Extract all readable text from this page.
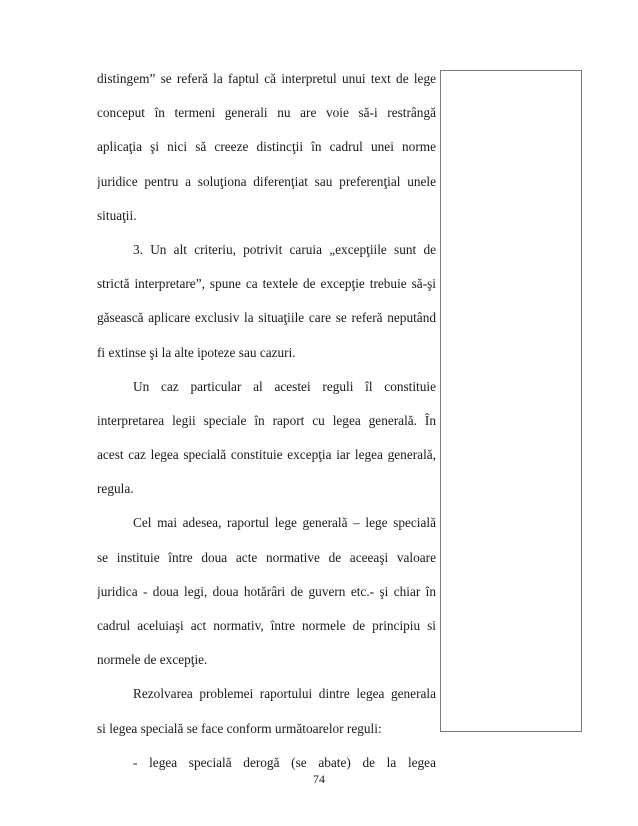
distingem” se referă la faptul că interpretul unui text de lege
conceput în termeni generali nu are voie să-i restrângă
aplicaţia şi nici să creeze distincţii în cadrul unei norme
juridice pentru a soluţiona diferenţiat sau preferenţial unele
situaţii.
3. Un alt criteriu, potrivit caruia „excepţiile sunt de
strictă interpretare”, spune ca textele de excepţie trebuie să-şi
găsească aplicare exclusiv la situaţiile care se referă neputând
fi extinse şi la alte ipoteze sau cazuri.
Un caz particular al acestei reguli îl constituie
interpretarea legii speciale în raport cu legea generală. În
acest caz legea specială constituie excepţia iar legea generală,
regula.
Cel mai adesea, raportul lege generală – lege specială
se instituie între doua acte normative de aceeaşi valoare
juridica - doua legi, doua hotărâri de guvern etc.- şi chiar în
cadrul aceluiaşi act normativ, între normele de principiu si
normele de excepţie.
Rezolvarea problemei raportului dintre legea generala
si legea specială se face conform următoarelor reguli:
- legea specială derogă (se abate) de la legea
74
